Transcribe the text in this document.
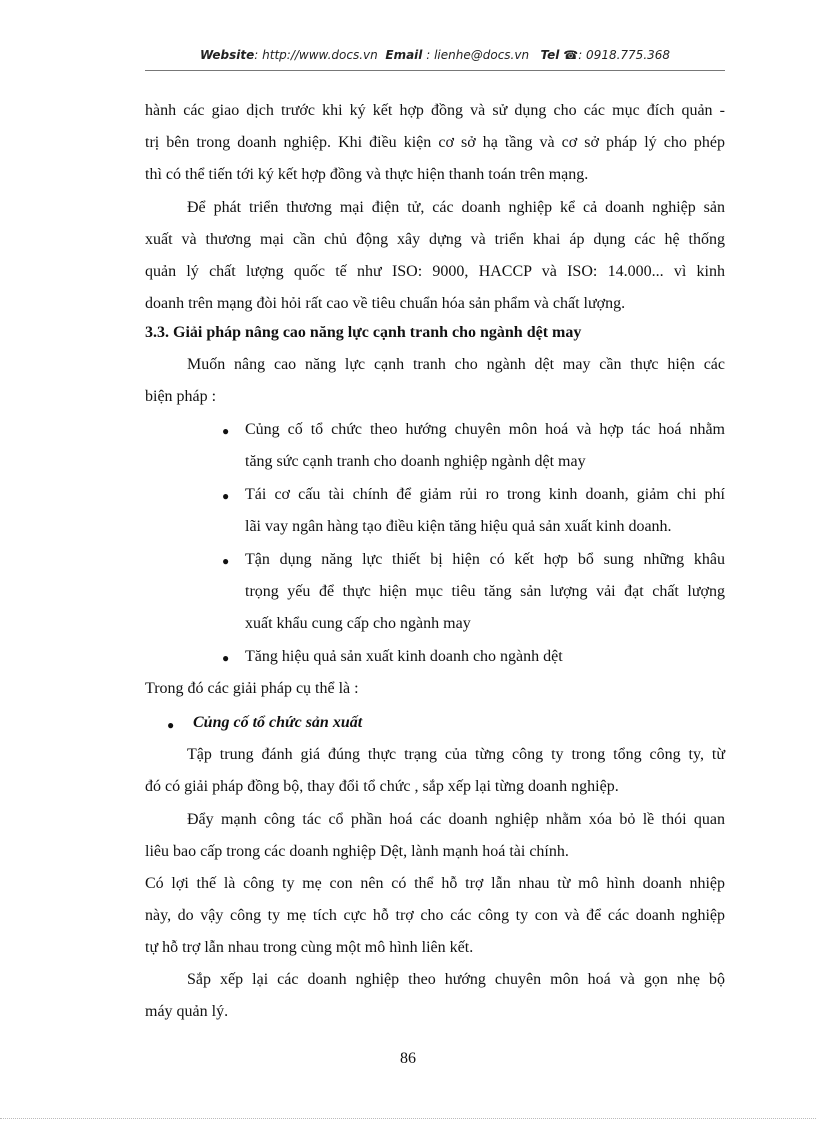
Website: http://www.docs.vn Email : lienhe@docs.vn Tel ☎: 0918.775.368
hành các giao dịch trước khi ký kết hợp đồng và sử dụng cho các mục đích quản -
trị bên trong doanh nghiệp. Khi điều kiện cơ sở hạ tầng và cơ sở pháp lý cho phép
thì có thể tiến tới ký kết hợp đồng và thực hiện thanh toán trên mạng.
Để phát triển thương mại điện tử, các doanh nghiệp kể cả doanh nghiệp sản
xuất và thương mại cần chủ động xây dựng và triển khai áp dụng các hệ thống
quản lý chất lượng quốc tế như ISO: 9000, HACCP và ISO: 14.000... vì kinh
doanh trên mạng đòi hỏi rất cao về tiêu chuẩn hóa sản phẩm và chất lượng.
3.3. Giải pháp nâng cao năng lực cạnh tranh cho ngành dệt may
Muốn nâng cao năng lực cạnh tranh cho ngành dệt may cần thực hiện các
biện pháp :
● Củng cố tổ chức theo hướng chuyên môn hoá và hợp tác hoá nhằm
tăng sức cạnh tranh cho doanh nghiệp ngành dệt may
● Tái cơ cấu tài chính để giảm rủi ro trong kinh doanh, giảm chi phí
lãi vay ngân hàng tạo điều kiện tăng hiệu quả sản xuất kinh doanh.
● Tận dụng năng lực thiết bị hiện có kết hợp bổ sung những khâu
trọng yếu để thực hiện mục tiêu tăng sản lượng vải đạt chất lượng
xuất khẩu cung cấp cho ngành may
● Tăng hiệu quả sản xuất kinh doanh cho ngành dệt
Trong đó các giải pháp cụ thể là :
● Củng cố tổ chức sản xuất
Tập trung đánh giá đúng thực trạng của từng công ty trong tổng công ty, từ
đó có giải pháp đồng bộ, thay đổi tổ chức , sắp xếp lại từng doanh nghiệp.
Đẩy mạnh công tác cổ phần hoá các doanh nghiệp nhằm xóa bỏ lề thói quan
liêu bao cấp trong các doanh nghiệp Dệt, lành mạnh hoá tài chính.
Có lợi thế là công ty mẹ con nên có thể hỗ trợ lẫn nhau từ mô hình doanh nhiệp
này, do vậy công ty mẹ tích cực hỗ trợ cho các công ty con và để các doanh nghiệp
tự hỗ trợ lẫn nhau trong cùng một mô hình liên kết.
Sắp xếp lại các doanh nghiệp theo hướng chuyên môn hoá và gọn nhẹ bộ
máy quản lý.
86
